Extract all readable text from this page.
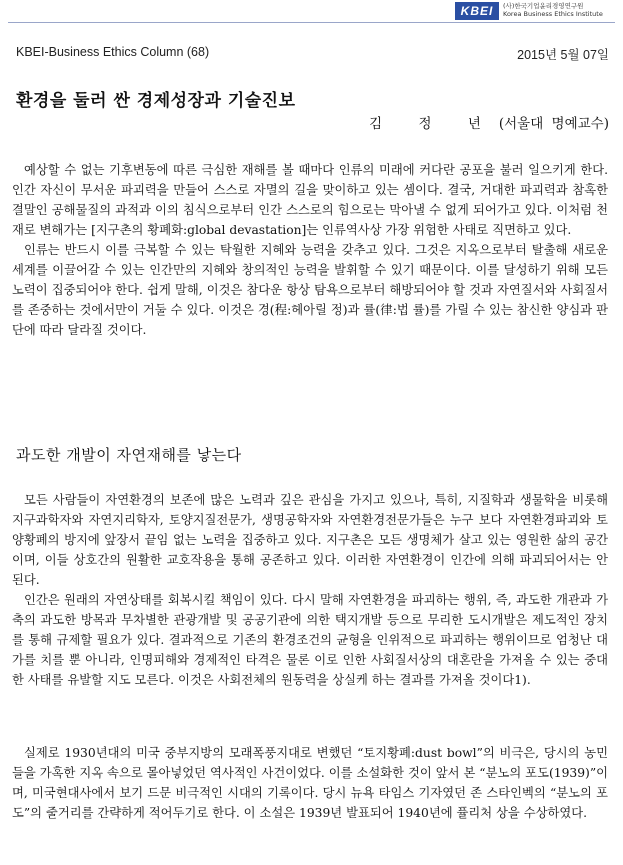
KBEI	(사)한국기업윤리경영연구원
Korea Business Ethics Institute
KBEI-Business Ethics Column (68)	2015년 5월 07일
환경을 둘러 싼 경제성장과 기술진보
김 정 년 (서울대 명예교수)

예상할 수 없는 기후변동에 따른 극심한 재해를 볼 때마다 인류의 미래에 커다란 공포을 불러 일으키게 한다. 인간 자신이 무서운 파괴력을 만들어 스스로 자멸의 길을 맞이하고 있는 셈이다. 결국, 거대한 파괴력과 참혹한 결말인 공해물질의 과적과 이의 침식으로부터 인간 스스로의 힘으로는 막아낼 수 없게 되어가고 있다. 이처럼 천재로 변해가는 [지구촌의 황폐화:global devastation]는 인류역사상 가장 위험한 사태로 직면하고 있다.

인류는 반드시 이를 극복할 수 있는 탁월한 지혜와 능력을 갖추고 있다. 그것은 지옥으로부터 탈출해 새로운 세계를 이끌어갈 수 있는 인간만의 지혜와 창의적인 능력을 발휘할 수 있기 때문이다. 이를 달성하기 위해 모든 노력이 집중되어야 한다. 쉽게 말해, 이것은 참다운 항상 탐욕으로부터 해방되어야 할 것과 자연질서와 사회질서를 존중하는 것에서만이 거둘 수 있다. 이것은 경(程:헤아릴 정)과 률(律:법 률)를 가릴 수 있는 참신한 양심과 판단에 따라 달라질 것이다.

과도한 개발이 자연재해를 낳는다

모든 사람들이 자연환경의 보존에 많은 노력과 깊은 관심을 가지고 있으나, 특히, 지질학과 생물학을 비롯해 지구과학자와 자연지리학자, 토양지질전문가, 생명공학자와 자연환경전문가들은 누구 보다 자연환경파괴와 토양황폐의 방지에 앞장서 끝임 없는 노력을 집중하고 있다. 지구촌은 모든 생명체가 살고 있는 영원한 삶의 공간이며, 이들 상호간의 원활한 교호작용을 통해 공존하고 있다. 이러한 자연환경이 인간에 의해 파괴되어서는 안 된다.

인간은 원래의 자연상태를 회복시킬 책임이 있다. 다시 말해 자연환경을 파괴하는 행위, 즉, 과도한 개관과 가축의 과도한 방목과 무차별한 관광개발 및 공공기관에 의한 택지개발 등으로 무리한 도시개발은 제도적인 장치를 통해 규제할 필요가 있다. 결과적으로 기존의 환경조건의 균형을 인위적으로 파괴하는 행위이므로 엄청난 대가를 치를 뿐 아니라, 인명피해와 경제적인 타격은 물론 이로 인한 사회질서상의 대혼란을 가져올 수 있는 중대한 사태를 유발할 지도 모른다. 이것은 사회전체의 원동력을 상실케 하는 결과를 가져올 것이다1).

실제로 1930년대의 미국 중부지방의 모래폭풍지대로 변했던 “토지황폐:dust bowl”의 비극은, 당시의 농민들을 가혹한 지옥 속으로 몰아넣었던 역사적인 사건이었다. 이를 소설화한 것이 앞서 본 “분노의 포도(1939)”이며, 미국현대사에서 보기 드문 비극적인 시대의 기록이다. 당시 뉴욕 타임스 기자였던 존 스타인벡의 “분노의 포도”의 줄거리를 간략하게 적어두기로 한다. 이 소설은 1939년 발표되어 1940년에 퓰리처 상을 수상하였다.
